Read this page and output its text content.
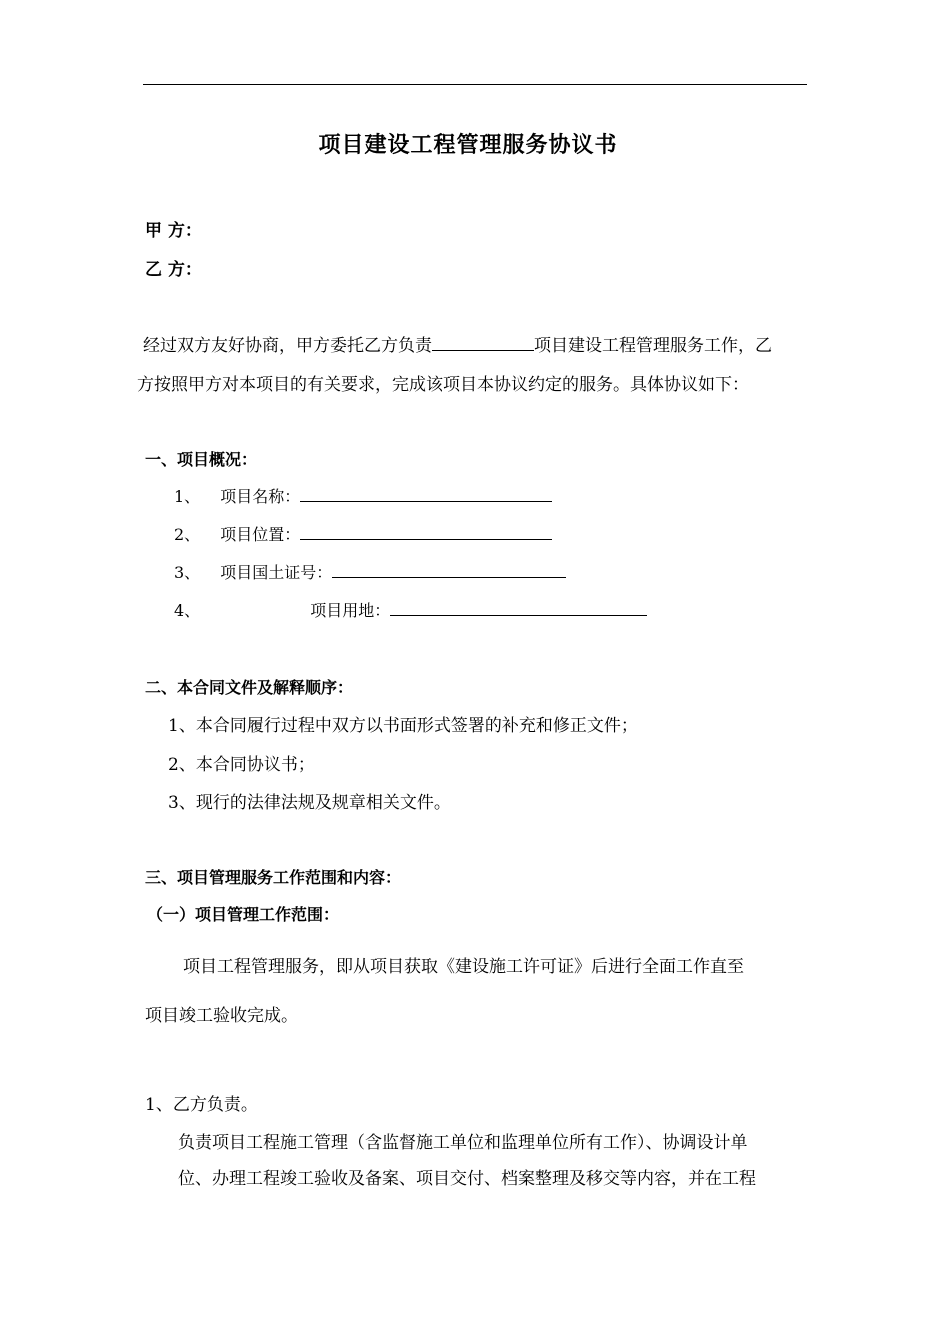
项目建设工程管理服务协议书
甲 方：
乙 方：
经过双方友好协商，甲方委托乙方负责	项目建设工程管理服务工作，乙
方按照甲方对本项目的有关要求，完成该项目本协议约定的服务。具体协议如下：
一、项目概况：
1、 项目名称：
2、 项目位置：
3、 项目国土证号：
4、	项目用地：
二、本合同文件及解释顺序：
1、本合同履行过程中双方以书面形式签署的补充和修正文件；
2、本合同协议书；
3、现行的法律法规及规章相关文件。
三、项目管理服务工作范围和内容：
（一）项目管理工作范围：
项目工程管理服务，即从项目获取《建设施工许可证》后进行全面工作直至
项目竣工验收完成。
1、乙方负责。
负责项目工程施工管理（含监督施工单位和监理单位所有工作）、协调设计单
位、办理工程竣工验收及备案、项目交付、档案整理及移交等内容，并在工程
